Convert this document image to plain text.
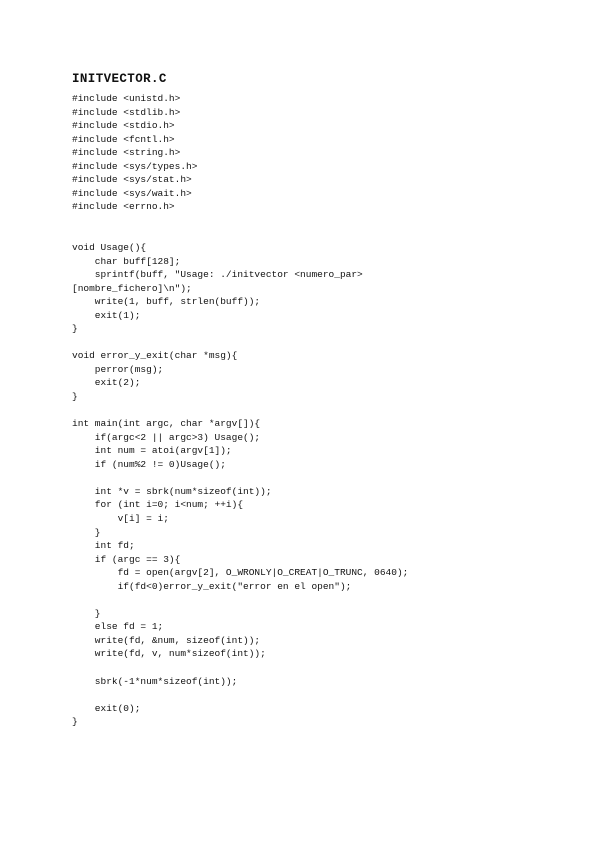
INITVECTOR.C
#include <unistd.h>
#include <stdlib.h>
#include <stdio.h>
#include <fcntl.h>
#include <string.h>
#include <sys/types.h>
#include <sys/stat.h>
#include <sys/wait.h>
#include <errno.h>
void Usage(){
char buff[128];
sprintf(buff, "Usage: ./initvector <numero_par>
[nombre_fichero]\n");
write(1, buff, strlen(buff));
exit(1);
}
void error_y_exit(char *msg){
perror(msg);
exit(2);
}
int main(int argc, char *argv[]){
if(argc<2 || argc>3) Usage();
int num = atoi(argv[1]);
if (num%2 != 0)Usage();
int *v = sbrk(num*sizeof(int));
for (int i=0; i<num; ++i){
v[i] = i;
}
int fd;
if (argc == 3){
fd = open(argv[2], O_WRONLY|O_CREAT|O_TRUNC, 0640);
if(fd<0)error_y_exit("error en el open");
}
else fd = 1;
write(fd, &num, sizeof(int));
write(fd, v, num*sizeof(int));
sbrk(-1*num*sizeof(int));
exit(0);
}
